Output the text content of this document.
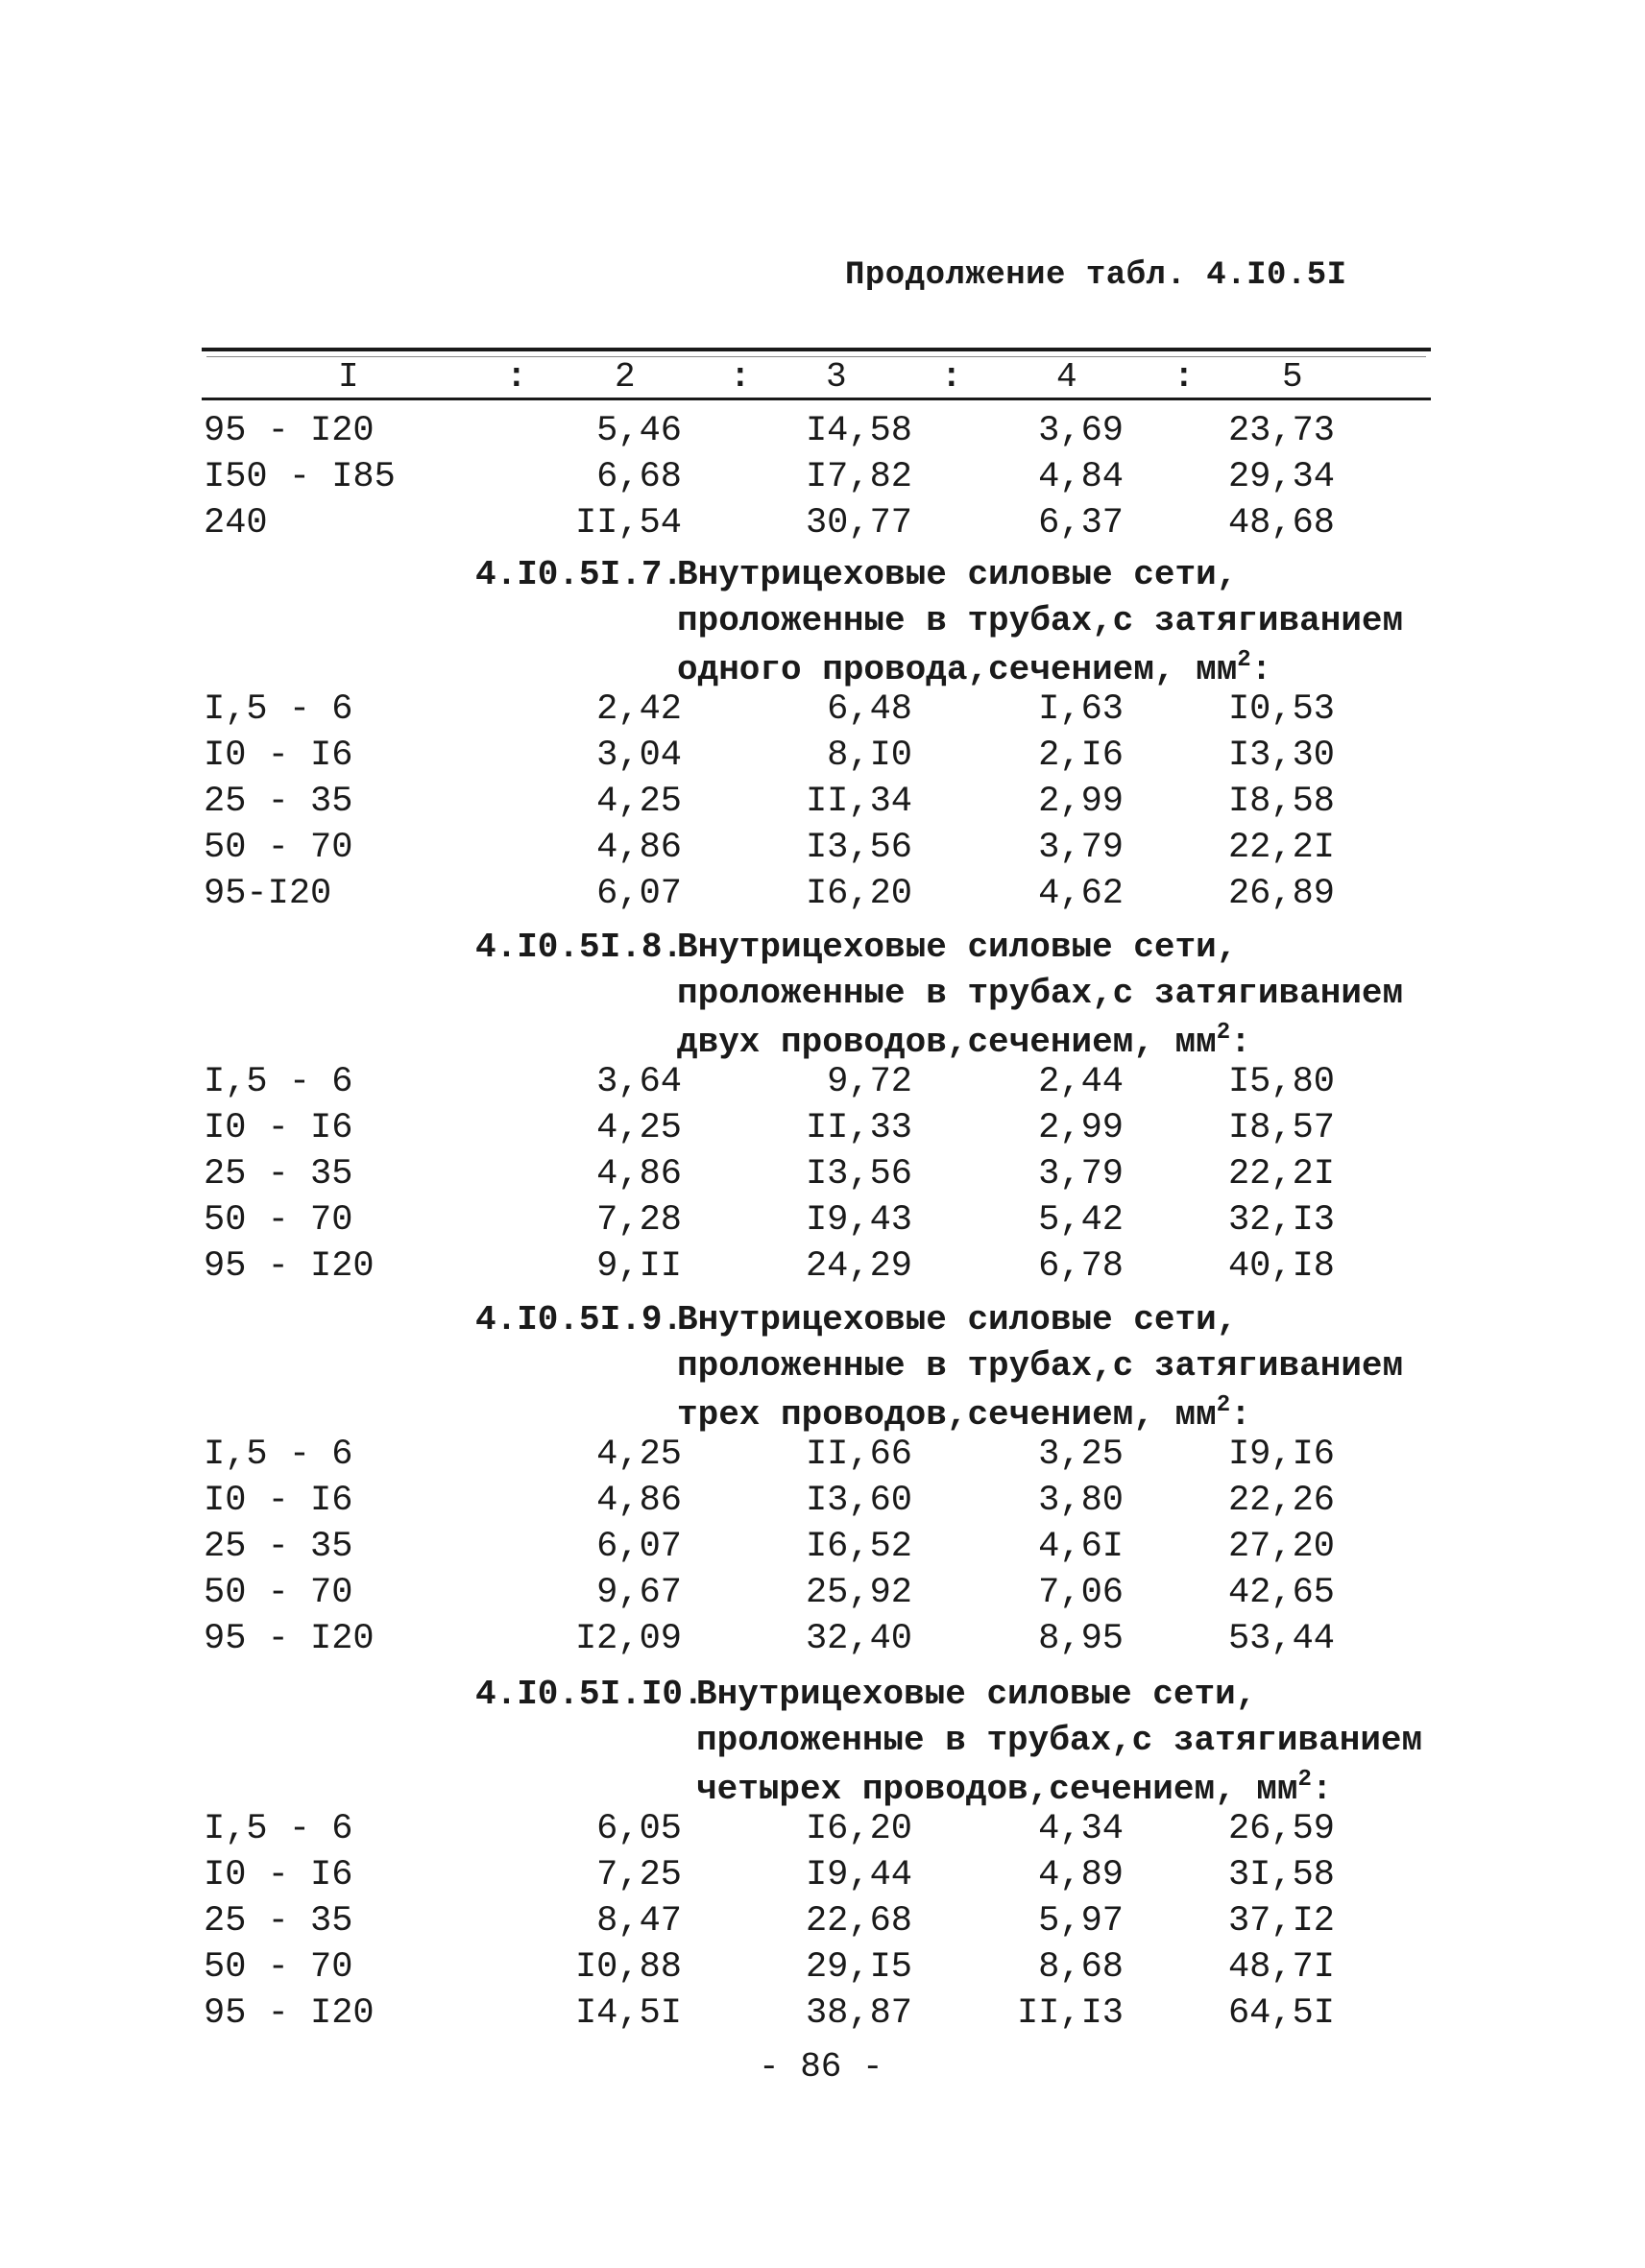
Продолжение табл. 4.I0.5I
I	:	2	: 3	:	4	:	5
95 - I20	5,46	I4,58	3,69	23,73
I50 - I85	6,68	I7,82	4,84	29,34
240	II,54	30,77	6,37	48,68
4.I0.5I.7.
Внутрицеховые силовые сети,
проложенные в трубах,с затягиванием
одного провода,сечением, $мм^2$:
I,5 - 6	2,42	6,48	I,63	I0,53
I0 - I6	3,04	8,I0	2,I6	I3,30
25 - 35	4,25	II,34	2,99	I8,58
50 - 70	4,86	I3,56	3,79	22,2I
95-I20	6,07	I6,20	4,62	26,89
4.I0.5I.8.
Внутрицеховые силовые сети,
проложенные в трубах,с затягиванием
двух проводов,сечением, $мм^2$:
I,5 - 6	3,64	9,72	2,44	I5,80
I0 - I6	4,25	II,33	2,99	I8,57
25 - 35	4,86	I3,56	3,79	22,2I
50 - 70	7,28	I9,43	5,42	32,I3
95 - I20	9,II	24,29	6,78	40,I8
4.I0.5I.9.
Внутрицеховые силовые сети,
проложенные в трубах,с затягиванием
трех проводов,сечением, $мм^2$:
I,5 - 6	4,25	II,66	3,25	I9,I6
I0 - I6	4,86	I3,60	3,80	22,26
25 - 35	6,07	I6,52	4,6I	27,20
50 - 70	9,67	25,92	7,06	42,65
95 - I20	I2,09	32,40	8,95	53,44
4.I0.5I.I0.
Внутрицеховые силовые сети,
проложенные в трубах,с затягиванием
четырех проводов,сечением, $мм^2$:
I,5 - 6	6,05	I6,20	4,34	26,59
I0 - I6	7,25	I9,44	4,89	3I,58
25 - 35	8,47	22,68	5,97	37,I2
50 - 70	I0,88	29,I5	8,68	48,7I
95 - I20	I4,5I	38,87	II,I3	64,5I
- 86 -
